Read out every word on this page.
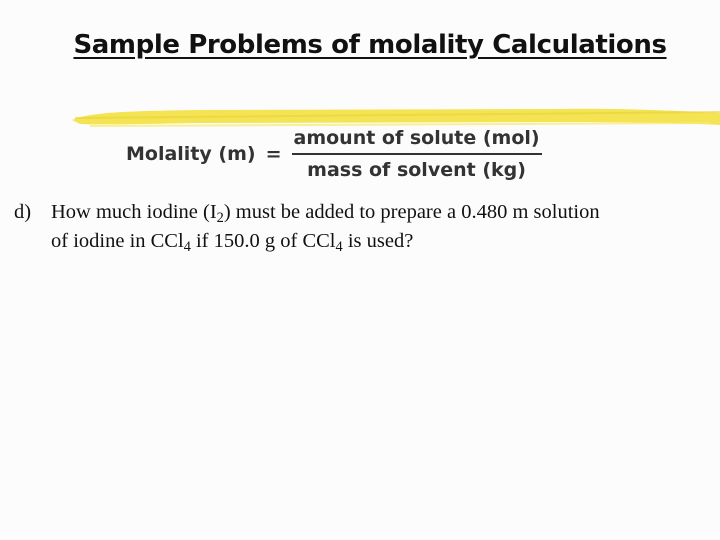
Sample Problems of molality Calculations
Molality $(m) = \frac{\text{amount of solute (mol)}}{\text{mass of solvent (kg)}}$
d) How much iodine $(I_2)$ must be added to prepare a 0.480 m solution
of iodine in CCl$_4$ if 150.0 g of CCl$_4$ is used?
